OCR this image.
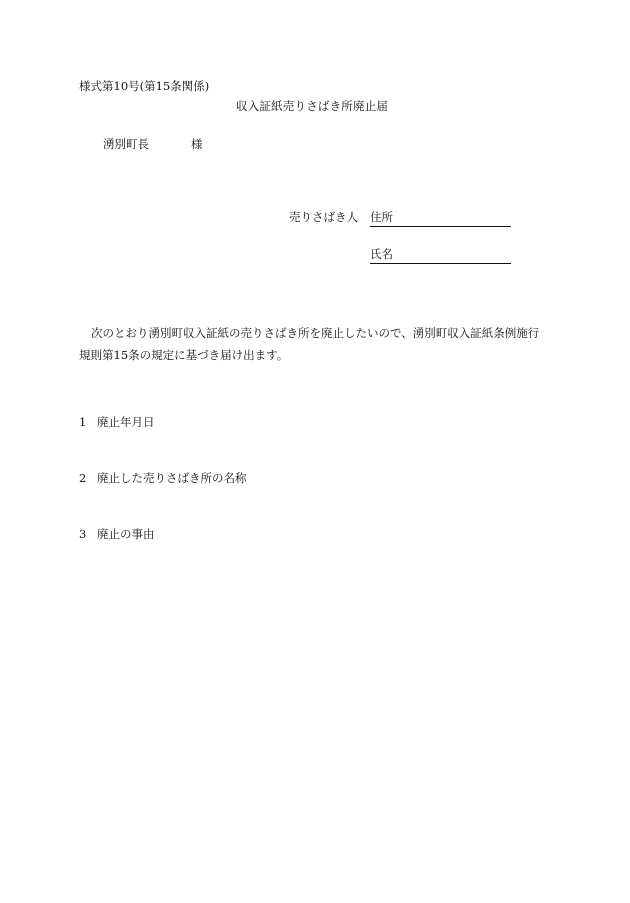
様式第10号(第15条関係)
収入証紙売りさばき所廃止届
湧別町長	様
売りさばき人 住所
氏名
次のとおり湧別町収入証紙の売りさばき所を廃止したいので、湧別町収入証紙条例施行
規則第15条の規定に基づき届け出ます。
1 廃止年月日
2 廃止した売りさばき所の名称
3 廃止の事由
